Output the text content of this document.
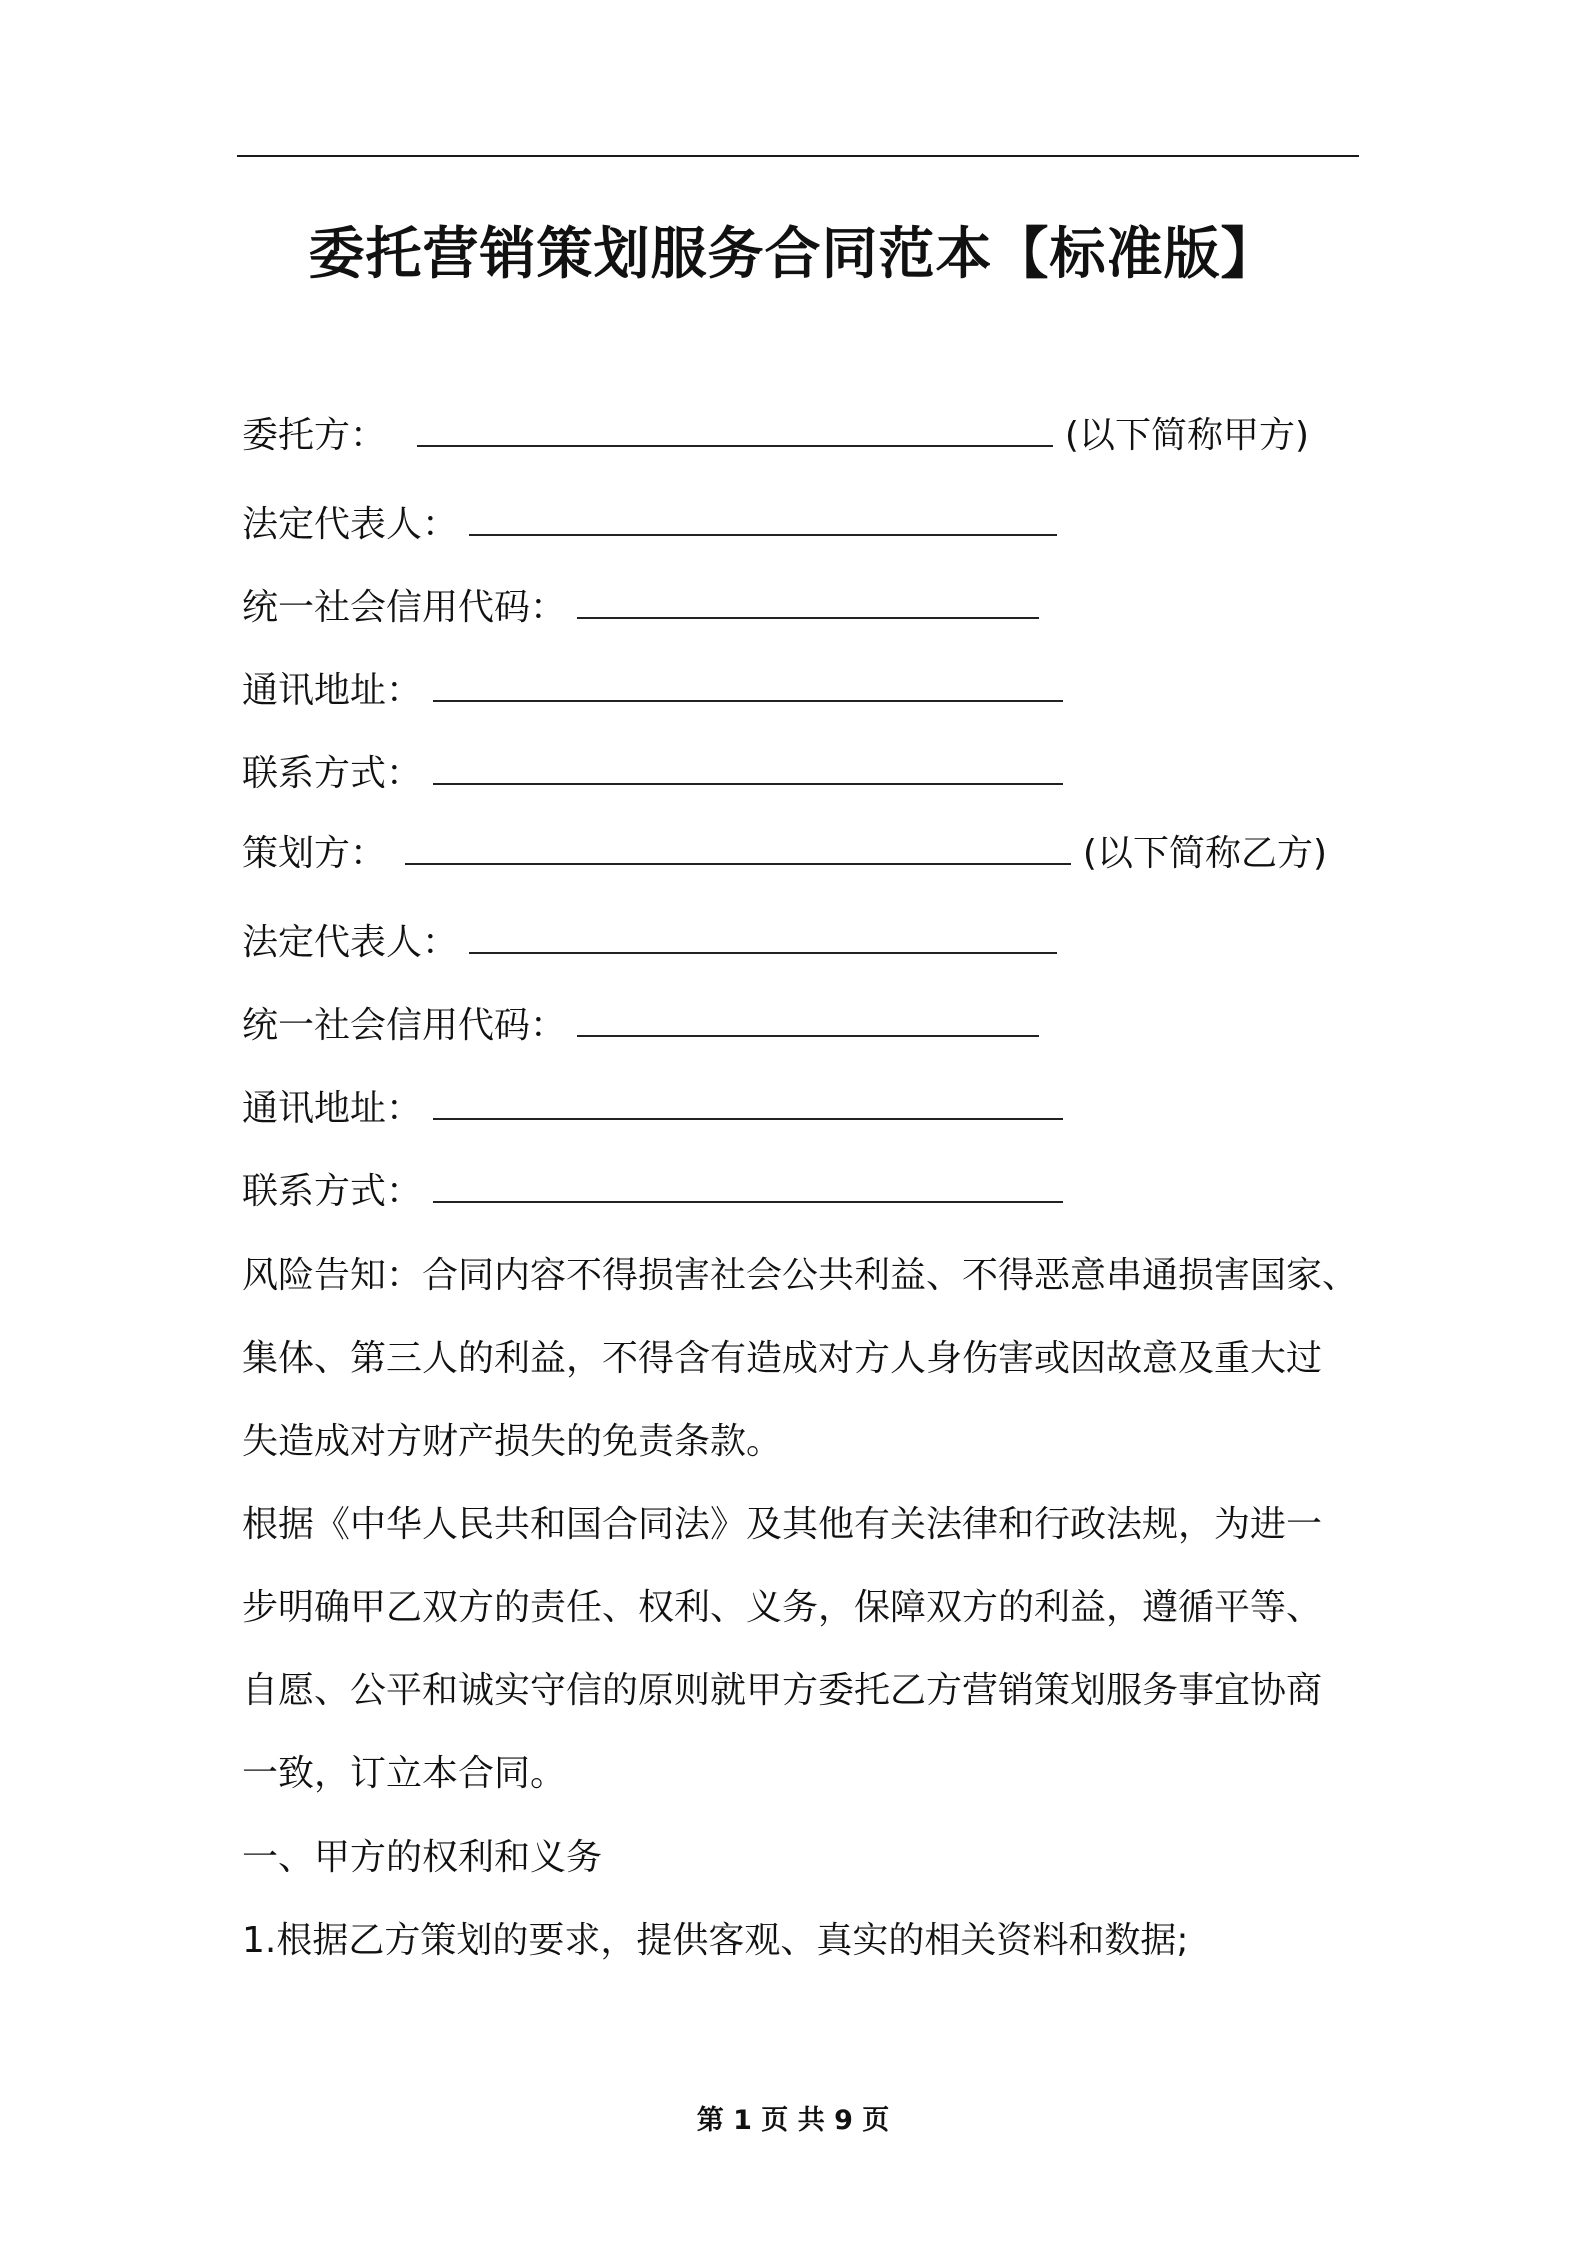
委托营销策划服务合同范本【标准版】
委托方：	(以下简称甲方)
法定代表人：
统一社会信用代码：
通讯地址：
联系方式：
策划方：	(以下简称乙方)
法定代表人：
统一社会信用代码：
通讯地址：
联系方式：
风险告知：合同内容不得损害社会公共利益、不得恶意串通损害国家、
集体、第三人的利益，不得含有造成对方人身伤害或因故意及重大过
失造成对方财产损失的免责条款。
根据《中华人民共和国合同法》及其他有关法律和行政法规，为进一
步明确甲乙双方的责任、权利、义务，保障双方的利益，遵循平等、
自愿、公平和诚实守信的原则就甲方委托乙方营销策划服务事宜协商
一致，订立本合同。
一、甲方的权利和义务
1.根据乙方策划的要求，提供客观、真实的相关资料和数据;
第 1 页 共 9 页
